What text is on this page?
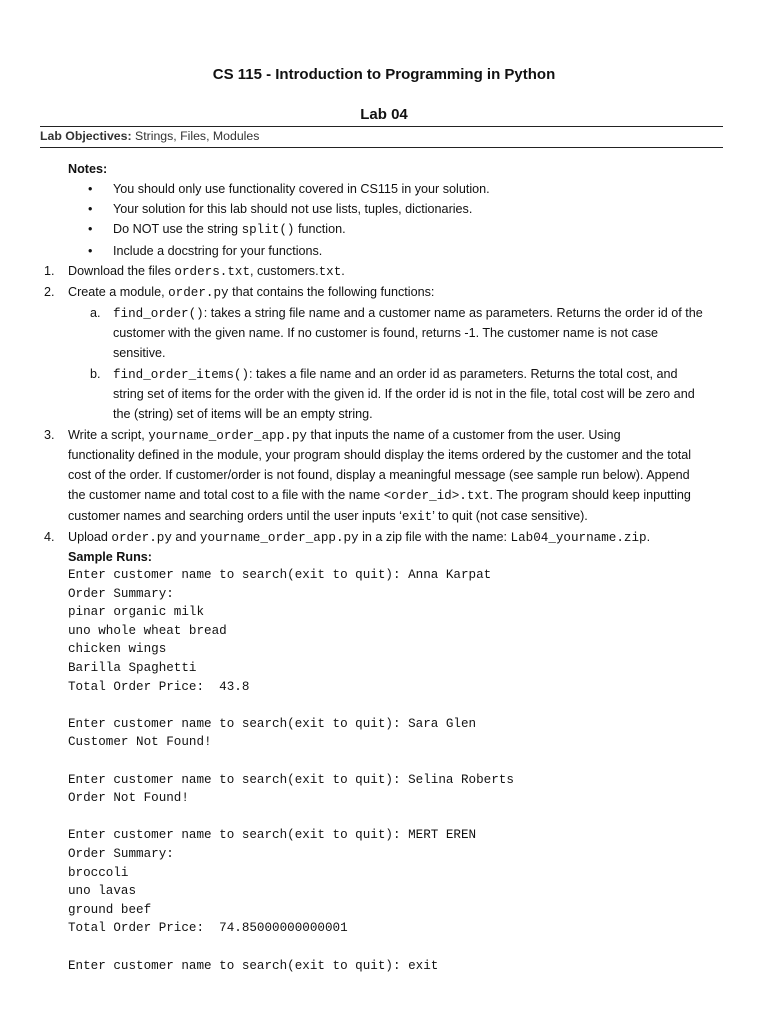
CS 115 - Introduction to Programming in Python
Lab 04
Lab Objectives: Strings, Files, Modules
Notes:
• You should only use functionality covered in CS115 in your solution.
• Your solution for this lab should not use lists, tuples, dictionaries.
• Do NOT use the string split() function.
• Include a docstring for your functions.
1. Download the files orders.txt, customers.txt.
2. Create a module, order.py that contains the following functions:
a. find_order(): takes a string file name and a customer name as parameters. Returns the order id of the
customer with the given name. If no customer is found, returns -1. The customer name is not case
sensitive.
b. find_order_items(): takes a file name and an order id as parameters. Returns the total cost, and
string set of items for the order with the given id. If the order id is not in the file, total cost will be zero and
the (string) set of items will be an empty string.
3. Write a script, yourname_order_app.py that inputs the name of a customer from the user. Using
functionality defined in the module, your program should display the items ordered by the customer and the total
cost of the order. If customer/order is not found, display a meaningful message (see sample run below). Append
the customer name and total cost to a file with the name <order_id>.txt. The program should keep inputting
customer names and searching orders until the user inputs ‘exit’ to quit (not case sensitive).
4. Upload order.py and yourname_order_app.py in a zip file with the name: Lab04_yourname.zip.
Sample Runs:
Enter customer name to search(exit to quit): Anna Karpat
Order Summary:
pinar organic milk
uno whole wheat bread
chicken wings
Barilla Spaghetti
Total Order Price:  43.8
Enter customer name to search(exit to quit): Sara Glen
Customer Not Found!
Enter customer name to search(exit to quit): Selina Roberts
Order Not Found!
Enter customer name to search(exit to quit): MERT EREN
Order Summary:
broccoli
uno lavas
ground beef
Total Order Price:  74.85000000000001
Enter customer name to search(exit to quit): exit
